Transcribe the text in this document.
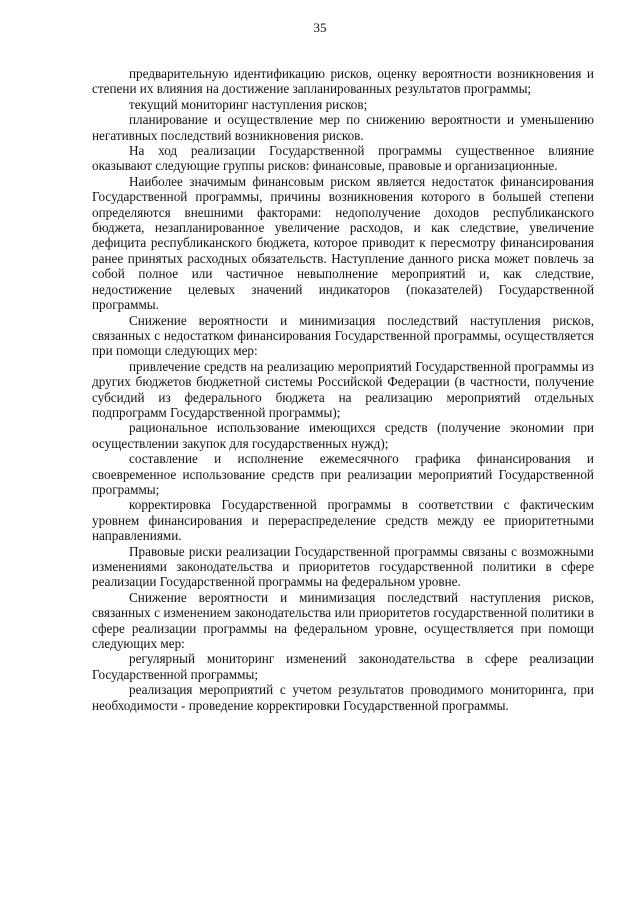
35

предварительную идентификацию рисков, оценку вероятности возникновения и степени их влияния на достижение запланированных результатов программы;

текущий мониторинг наступления рисков;

планирование и осуществление мер по снижению вероятности и уменьшению негативных последствий возникновения рисков.

На ход реализации Государственной программы существенное влияние оказывают следующие группы рисков: финансовые, правовые и организационные.

Наиболее значимым финансовым риском является недостаток финансирования Государственной программы, причины возникновения которого в большей степени определяются внешними факторами: недополучение доходов республиканского бюджета, незапланированное увеличение расходов, и как следствие, увеличение дефицита республиканского бюджета, которое приводит к пересмотру финансирования ранее принятых расходных обязательств. Наступление данного риска может повлечь за собой полное или частичное невыполнение мероприятий и, как следствие, недостижение целевых значений индикаторов (показателей) Государственной программы.

Снижение вероятности и минимизация последствий наступления рисков, связанных с недостатком финансирования Государственной программы, осуществляется при помощи следующих мер:

привлечение средств на реализацию мероприятий Государственной программы из других бюджетов бюджетной системы Российской Федерации (в частности, получение субсидий из федерального бюджета на реализацию мероприятий отдельных подпрограмм Государственной программы);

рациональное использование имеющихся средств (получение экономии при осуществлении закупок для государственных нужд);

составление и исполнение ежемесячного графика финансирования и своевременное использование средств при реализации мероприятий Государственной программы;

корректировка Государственной программы в соответствии с фактическим уровнем финансирования и перераспределение средств между ее приоритетными направлениями.

Правовые риски реализации Государственной программы связаны с возможными изменениями законодательства и приоритетов государственной политики в сфере реализации Государственной программы на федеральном уровне.

Снижение вероятности и минимизация последствий наступления рисков, связанных с изменением законодательства или приоритетов государственной политики в сфере реализации программы на федеральном уровне, осуществляется при помощи следующих мер:

регулярный мониторинг изменений законодательства в сфере реализации Государственной программы;

реализация мероприятий с учетом результатов проводимого мониторинга, при необходимости - проведение корректировки Государственной программы.
